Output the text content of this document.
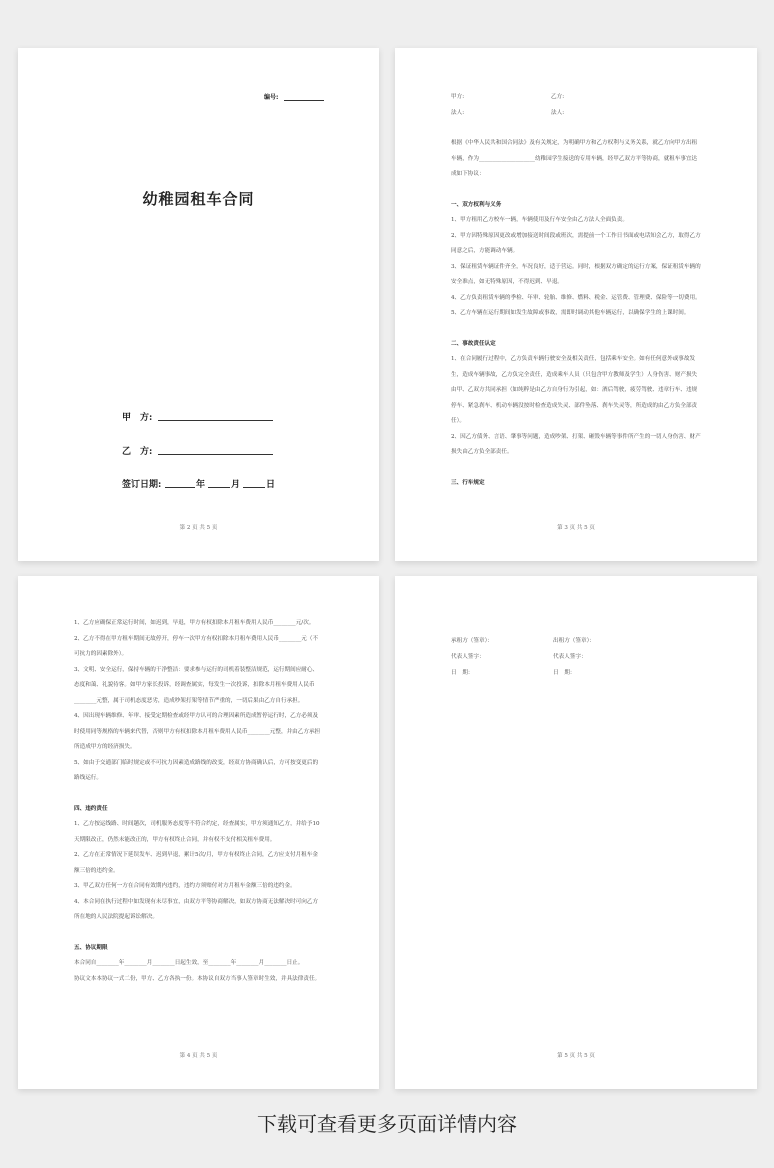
编号:
幼稚园租车合同
甲　方:
乙　方:
签订日期:	年	月	日
第 2 页 共 5 页
甲方:	乙方:
法人:	法人:

根据《中华人民共和国合同法》及有关规定，为明确甲方和乙方权利与义务关系，就乙方向甲方出租车辆，作为____________________幼稚园学生接送的专用车辆，经甲乙双方平等协商，就租车事宜达成如下协议：

一、双方权利与义务

1、甲方租用乙方校车一辆，车辆使用及行车安全由乙方法人全面负责。

2、甲方因特殊原因更改或增加接送时间段或班次，需提前一个工作日书面或电话知会乙方，取得乙方同意之后，方能调动车辆。

3、保证租赁车辆证件齐全，车况良好，适于营运。同时，根据双方确定的运行方案，保证租赁车辆的安全准点，如无特殊原因，不得迟到、早退。

4、乙方负责租赁车辆的季检、年审、轮胎、维修、燃料、税金、运管费、管理费、保险等一切费用。

5、乙方车辆在运行期间如发生故障或事故，需即时调动其他车辆运行，以确保学生的上课时间。

二、事故责任认定

1、在合同履行过程中，乙方负责车辆行驶安全及相关责任，包括乘车安全。如有任何意外或事故发生，造成车辆事故，乙方负完全责任，造成乘车人员（只包含甲方教师及学生）人身伤害、财产损失由甲、乙双方共同承担（如纯粹是由乙方自身行为引起，如：酒后驾驶，疲劳驾驶、违章行车、违规停车、紧急刹车、机动车辆没按时检查造成失灵、部件坠落、刹车失灵等，所造成的由乙方负全部责任）。

2、因乙方债务、言语、肇事等问题，造成吵架、打架、砸毁车辆等事件所产生的一切人身伤害、财产损失由乙方负全部责任。

三、行车规定

第 3 页 共 5 页

1、乙方应确保正常运行时间，如迟到，早退，甲方有权扣除本月租车费用人民币________元/次。

2、乙方不得在甲方租车期间无故停开，停车一次甲方有权扣除本月租车费用人民币________元（不可抗力的因素除外）。

3、文明、安全运行，保持车辆的干净整洁：要求参与运行的司机着装整洁规范，运行期间应耐心、态度和蔼、礼貌待客。如甲方家长投诉，经调查属实，每发生一次投诉，扣除本月租车费用人民币________元整，属于司机态度恶劣，造成吵架打架等情节严重的，一切后果由乙方自行承担。

4、因出现车辆维修、年审、接受定期检查或经甲方认可的合理因素所造成暂停运行时，乙方必须及时使用同等规格的车辆来代替，否则甲方有权扣除本月租车费用人民币________元整，并由乙方承担所造成甲方的经济损失。

5、如由于交通部门临时规定或不可抗力因素造成路线的改变，经双方协商确认后，方可按变更后的路线运行。

四、违约责任

1、乙方按运线路、时间趟次，司机服务态度等不符合约定，经查属实，甲方须通知乙方，并给予10天期限改正，仍然未能改正的，甲方有权终止合同，并有权不支付相关租车费用。

2、乙方在正常情况下延误发车、迟到早退，累计5次/月，甲方有权终止合同，乙方应支付月租车金额三倍的违约金。

3、甲乙双方任何一方在合同有效期内违约，违约方须赔付对方月租车金额三倍的违约金。

4、本合同在执行过程中如发现有未尽事宜，由双方平等协商解决，如双方协商无法解决时可向乙方所在地的人民法院提起诉讼解决。

五、协议期限

本合同自________年________月________日起生效，至________年________月________日止。

协议文本本协议一式二份，甲方、乙方各执一份。本协议自双方当事人签章时生效，并具法律责任。

第 4 页 共 5 页
承租方（签章）：	出租方（签章）：
代表人签字：	代表人签字：
日　期：	日　期：
第 5 页 共 5 页
下载可查看更多页面详情内容
